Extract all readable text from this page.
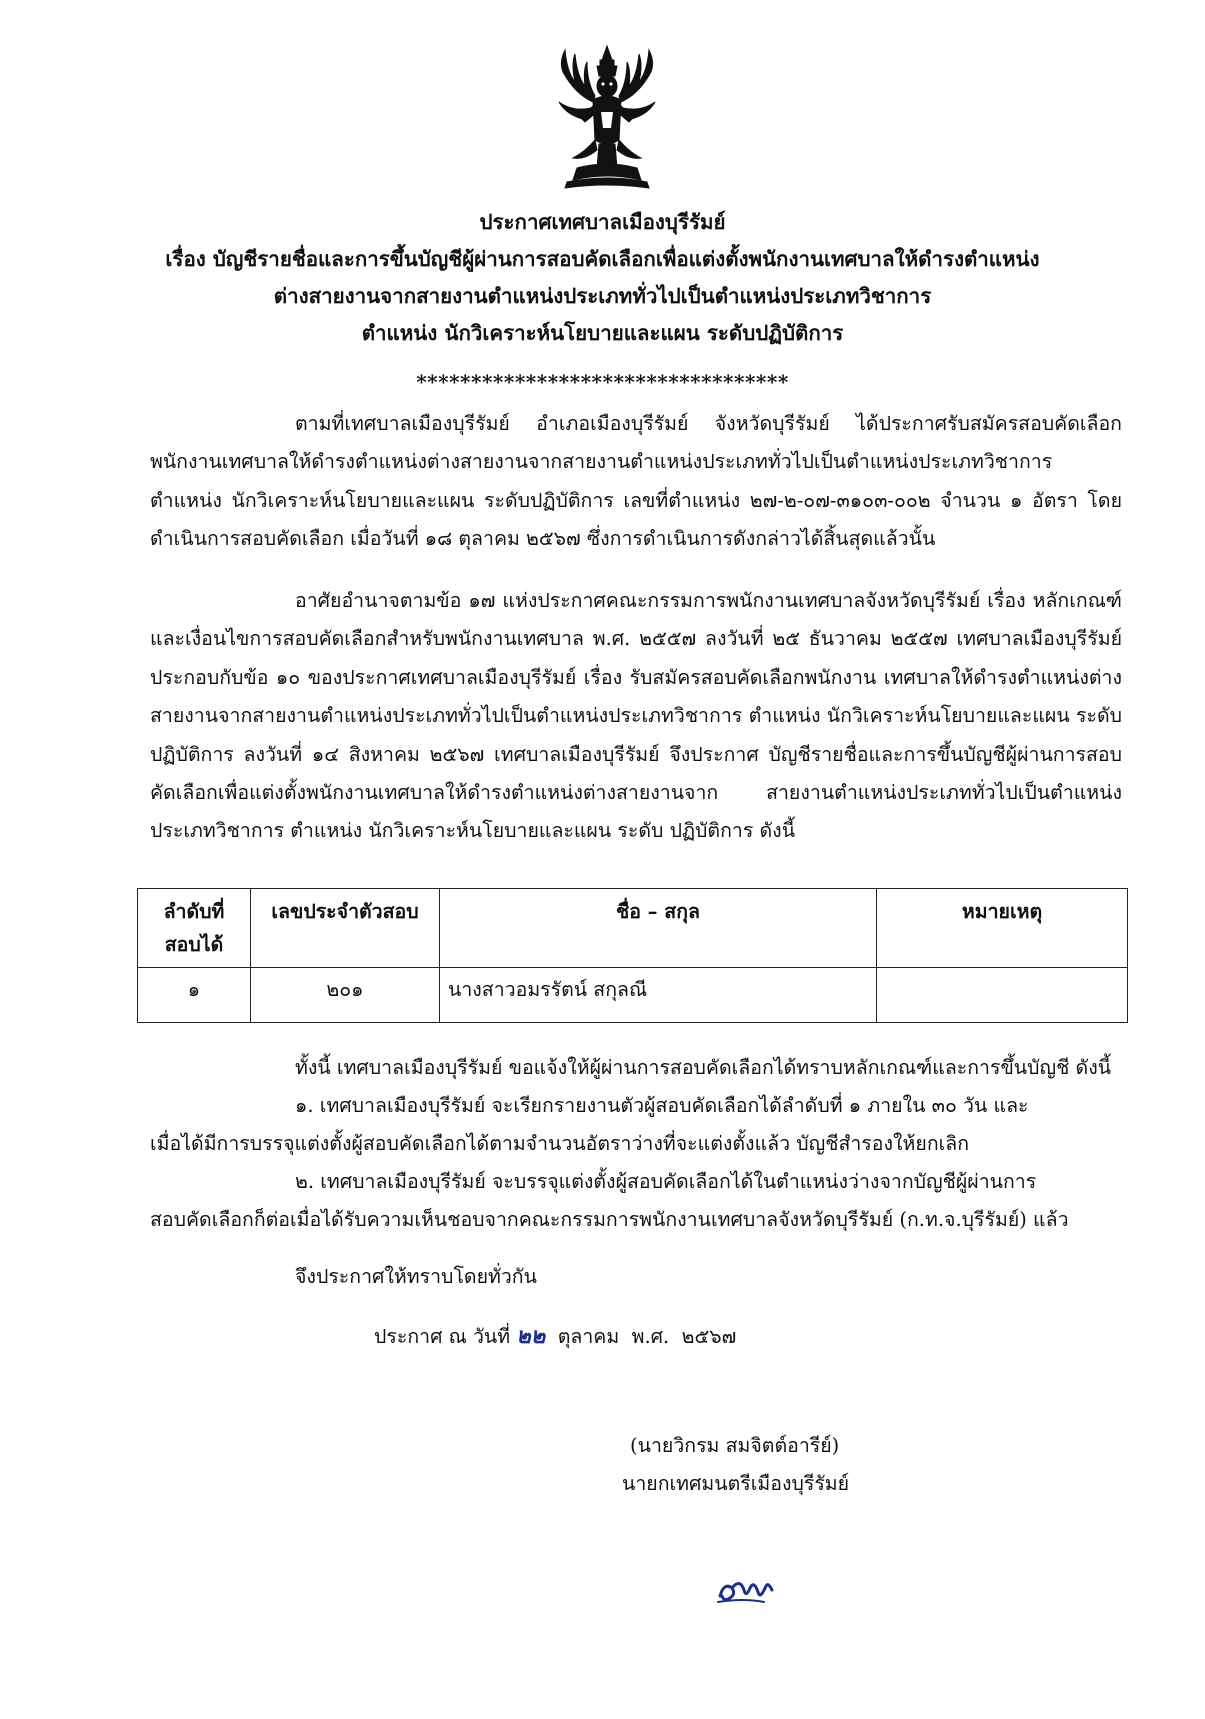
ประกาศเทศบาลเมืองบุรีรัมย์
เรื่อง บัญชีรายชื่อและการขึ้นบัญชีผู้ผ่านการสอบคัดเลือกเพื่อแต่งตั้งพนักงานเทศบาลให้ดำรงตำแหน่ง
ต่างสายงานจากสายงานตำแหน่งประเภททั่วไปเป็นตำแหน่งประเภทวิชาการ
ตำแหน่ง นักวิเคราะห์นโยบายและแผน ระดับปฏิบัติการ
**********************************
ตามที่เทศบาลเมืองบุรีรัมย์ อำเภอเมืองบุรีรัมย์ จังหวัดบุรีรัมย์ ได้ประกาศรับสมัครสอบคัดเลือก พนักงานเทศบาลให้ดำรงตำแหน่งต่างสายงานจากสายงานตำแหน่งประเภททั่วไปเป็นตำแหน่งประเภทวิชาการ ตำแหน่ง นักวิเคราะห์นโยบายและแผน ระดับปฏิบัติการ เลขที่ตำแหน่ง ๒๗-๒-๐๗-๓๑๐๓-๐๐๒ จำนวน ๑ อัตรา โดยดำเนินการสอบคัดเลือก เมื่อวันที่ ๑๘ ตุลาคม ๒๕๖๗ ซึ่งการดำเนินการดังกล่าวได้สิ้นสุดแล้วนั้น
อาศัยอำนาจตามข้อ ๑๗ แห่งประกาศคณะกรรมการพนักงานเทศบาลจังหวัดบุรีรัมย์ เรื่อง หลักเกณฑ์และเงื่อนไขการสอบคัดเลือกสำหรับพนักงานเทศบาล พ.ศ. ๒๕๕๗ ลงวันที่ ๒๕ ธันวาคม ๒๕๕๗ เทศบาลเมืองบุรีรัมย์ ประกอบกับข้อ ๑๐ ของประกาศเทศบาลเมืองบุรีรัมย์ เรื่อง รับสมัครสอบคัดเลือกพนักงาน เทศบาลให้ดำรงตำแหน่งต่างสายงานจากสายงานตำแหน่งประเภททั่วไปเป็นตำแหน่งประเภทวิชาการ ตำแหน่ง นักวิเคราะห์นโยบายและแผน ระดับปฏิบัติการ ลงวันที่ ๑๔ สิงหาคม ๒๕๖๗ เทศบาลเมืองบุรีรัมย์ จึงประกาศ บัญชีรายชื่อและการขึ้นบัญชีผู้ผ่านการสอบคัดเลือกเพื่อแต่งตั้งพนักงานเทศบาลให้ดำรงตำแหน่งต่างสายงานจาก สายงานตำแหน่งประเภททั่วไปเป็นตำแหน่งประเภทวิชาการ ตำแหน่ง นักวิเคราะห์นโยบายและแผน ระดับ ปฏิบัติการ ดังนี้
ลำดับที่
สอบได้	เลขประจำตัวสอบ	ชื่อ – สกุล	หมายเหตุ
๑	๒๐๑	นางสาวอมรรัตน์ สกุลณี	
ทั้งนี้ เทศบาลเมืองบุรีรัมย์ ขอแจ้งให้ผู้ผ่านการสอบคัดเลือกได้ทราบหลักเกณฑ์และการขึ้นบัญชี ดังนี้
๑. เทศบาลเมืองบุรีรัมย์ จะเรียกรายงานตัวผู้สอบคัดเลือกได้ลำดับที่ ๑ ภายใน ๓๐ วัน และ
เมื่อได้มีการบรรจุแต่งตั้งผู้สอบคัดเลือกได้ตามจำนวนอัตราว่างที่จะแต่งตั้งแล้ว บัญชีสำรองให้ยกเลิก
๒. เทศบาลเมืองบุรีรัมย์ จะบรรจุแต่งตั้งผู้สอบคัดเลือกได้ในตำแหน่งว่างจากบัญชีผู้ผ่านการ
สอบคัดเลือกก็ต่อเมื่อได้รับความเห็นชอบจากคณะกรรมการพนักงานเทศบาลจังหวัดบุรีรัมย์ (ก.ท.จ.บุรีรัมย์) แล้ว
จึงประกาศให้ทราบโดยทั่วกัน
ประกาศ ณ วันที่ ๒๒ ตุลาคม พ.ศ. ๒๕๖๗
(นายวิกรม สมจิตต์อารีย์)
นายกเทศมนตรีเมืองบุรีรัมย์
